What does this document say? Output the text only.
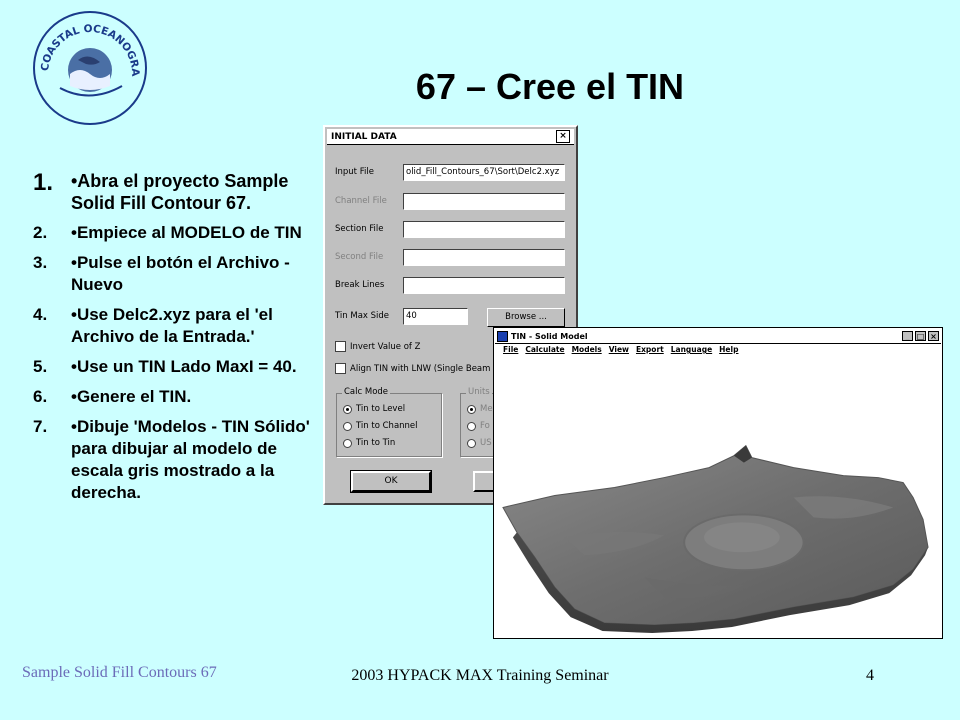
COASTAL OCEANOGRA	67 – Cree el TIN
1. •Abra el proyecto Sample Solid Fill Contour 67.
2.	•Empiece al MODELO de TIN
3.	•Pulse el botón el Archivo - Nuevo
4.	•Use Delc2.xyz para el 'el Archivo de la Entrada.'
5.	•Use un TIN Lado MaxI = 40.
6.	•Genere el TIN.
7.	•Dibuje 'Modelos - TIN Sólido' para dibujar al modelo de escala gris mostrado a la derecha.
INITIAL DATA	×
Input File	olid_Fill_Contours_67\Sort\Delc2.xyz
Channel File
Section File
Second File
Break Lines
Tin Max Side	40	Browse ...
Invert Value of Z
Align TIN with LNW (Single Beam
Calc Mode
Tin to Level
Tin to Channel
Tin to Tin
Units
Me
Fo
US
OK
TIN - Solid Model	_ □ ×
File Calculate Models View Export Language Help
Sample Solid Fill Contours 67	2003 HYPACK MAX Training Seminar	4
